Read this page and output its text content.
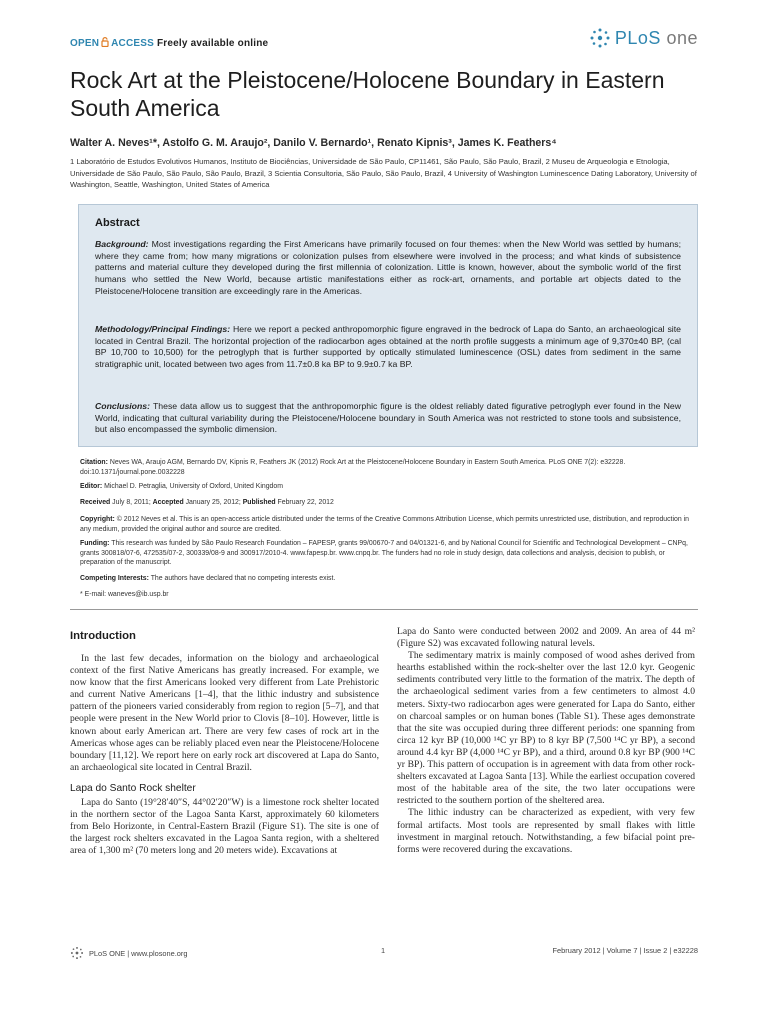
OPEN ACCESS Freely available online	PLoS one
Rock Art at the Pleistocene/Holocene Boundary in Eastern South America
Walter A. Neves¹*, Astolfo G. M. Araujo², Danilo V. Bernardo¹, Renato Kipnis³, James K. Feathers⁴
1 Laboratório de Estudos Evolutivos Humanos, Instituto de Biociências, Universidade de São Paulo, CP11461, São Paulo, São Paulo, Brazil, 2 Museu de Arqueologia e Etnologia, Universidade de São Paulo, São Paulo, São Paulo, Brazil, 3 Scientia Consultoria, São Paulo, São Paulo, Brazil, 4 University of Washington Luminescence Dating Laboratory, University of Washington, Seattle, Washington, United States of America
Abstract

Background: Most investigations regarding the First Americans have primarily focused on four themes: when the New World was settled by humans; where they came from; how many migrations or colonization pulses from elsewhere were involved in the process; and what kinds of subsistence patterns and material culture they developed during the first millennia of colonization. Little is known, however, about the symbolic world of the first humans who settled the New World, because artistic manifestations either as rock-art, ornaments, and portable art objects dated to the Pleistocene/Holocene transition are exceedingly rare in the Americas.

Methodology/Principal Findings: Here we report a pecked anthropomorphic figure engraved in the bedrock of Lapa do Santo, an archaeological site located in Central Brazil. The horizontal projection of the radiocarbon ages obtained at the north profile suggests a minimum age of 9,370±40 BP, (cal BP 10,700 to 10,500) for the petroglyph that is further supported by optically stimulated luminescence (OSL) dates from sediment in the same stratigraphic unit, located between two ages from 11.7±0.8 ka BP to 9.9±0.7 ka BP.

Conclusions: These data allow us to suggest that the anthropomorphic figure is the oldest reliably dated figurative petroglyph ever found in the New World, indicating that cultural variability during the Pleistocene/Holocene boundary in South America was not restricted to stone tools and subsistence, but also encompassed the symbolic dimension.

Citation: Neves WA, Araujo AGM, Bernardo DV, Kipnis R, Feathers JK (2012) Rock Art at the Pleistocene/Holocene Boundary in Eastern South America. PLoS ONE 7(2): e32228. doi:10.1371/journal.pone.0032228
Editor: Michael D. Petraglia, University of Oxford, United Kingdom
Received July 8, 2011; Accepted January 25, 2012; Published February 22, 2012
Copyright: © 2012 Neves et al. This is an open-access article distributed under the terms of the Creative Commons Attribution License, which permits unrestricted use, distribution, and reproduction in any medium, provided the original author and source are credited.
Funding: This research was funded by São Paulo Research Foundation – FAPESP, grants 99/00670-7 and 04/01321-6, and by National Council for Scientific and Technological Development – CNPq, grants 300818/07-6, 472535/07-2, 300339/08-9 and 300917/2010-4. www.fapesp.br. www.cnpq.br. The funders had no role in study design, data collections and analysis, decision to publish, or preparation of the manuscript.
Competing Interests: The authors have declared that no competing interests exist.
* E-mail: waneves@ib.usp.br
Introduction

In the last few decades, information on the biology and archaeological context of the first Native Americans has greatly increased. For example, we now know that the first Americans looked very different from Late Prehistoric and current Native Americans [1–4], that the lithic industry and subsistence pattern of the pioneers varied considerably from region to region [5–7], and that people were present in the New World prior to Clovis [8–10]. However, little is known about early American art. There are very few cases of rock art in the Americas whose ages can be reliably placed even near the Pleistocene/Holocene boundary [11,12]. We report here on early rock art discovered at Lapa do Santo, an archaeological site located in Central Brazil.

Lapa do Santo Rock shelter

Lapa do Santo (19°28′40″S, 44°02′20″W) is a limestone rock shelter located in the northern sector of the Lagoa Santa Karst, approximately 60 kilometers from Belo Horizonte, in Central-Eastern Brazil (Figure S1). The site is one of the largest rock shelters excavated in the Lagoa Santa region, with a sheltered area of 1,300 m² (70 meters long and 20 meters wide). Excavations at

Lapa do Santo were conducted between 2002 and 2009. An area of 44 m² (Figure S2) was excavated following natural levels.

The sedimentary matrix is mainly composed of wood ashes derived from hearths established within the rock-shelter over the last 12.0 kyr. Geogenic sediments contributed very little to the formation of the matrix. The depth of the archaeological sediment varies from a few centimeters to almost 4.0 meters. Sixty-two radiocarbon ages were generated for Lapa do Santo, either on charcoal samples or on human bones (Table S1). These ages demonstrate that the site was occupied during three different periods: one spanning from circa 12 kyr BP (10,000 ¹⁴C yr BP) to 8 kyr BP (7,500 ¹⁴C yr BP), a second around 4.4 kyr BP (4,000 ¹⁴C yr BP), and a third, around 0.8 kyr BP (900 ¹⁴C yr BP). This pattern of occupation is in agreement with data from other rock-shelters excavated at Lagoa Santa [13]. While the earliest occupation covered most of the habitable area of the site, the two later occupations were restricted to the southern portion of the sheltered area.

The lithic industry can be characterized as expedient, with very few formal artifacts. Most tools are represented by small flakes with little investment in marginal retouch. Notwithstanding, a few bifacial point pre-forms were recovered during the excavations.

PLoS ONE | www.plosone.org	1	February 2012 | Volume 7 | Issue 2 | e32228
